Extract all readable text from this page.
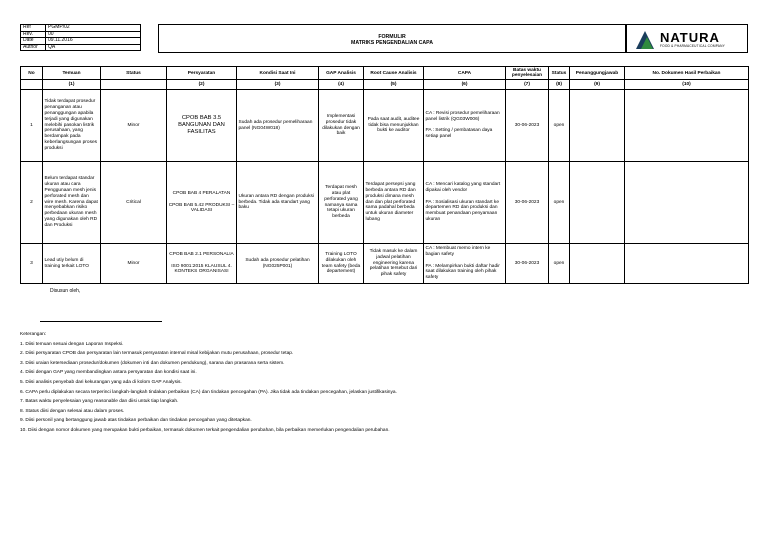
Ref	PGMP/02
Rev.	00
Date	09.11.2016
Author	QA
FORMULIR
MATRIKS PENGENDALIAN CAPA	NATURA
FOOD & PHARMACEUTICAL COMPANY
No	Temuan	Status	Persyaratan	Kondisi Saat Ini	GAP Analisis	Root Cause Analisis	CAPA	Batas waktu penyelesaian	Status	Penanggungjawab	No. Dokumen Hasil Perbaikan
	(1)		(2)	(3)	(4)	(5)	(6)	(7)	(8)	(9)	(10)
1	Tidak terdapat prosedur penanganan atau penanggungan apabila terjadi yang digunakan melebihi pasokan listrik perusahaan, yang berdampak pada keberlangsungan proses produksi	Minor	CPOB BAB 3.5 BANGUNAN DAN FASILITAS	Sudah ada prosedur pemeliharaan panel (NG04W018)	Implementasi prosedur tidak dilakukan dengan baik	Pada saat audit, auditee tidak bisa menunjukkan bukti ke auditor	CA : Revisi prosedur pemeliharaan panel listrik (QG03W006)

PA : Setting / pembatasan daya setiap panel	30-06-2023	open		
2	Belum terdapat standar ukuran atau cara Penggunaan mesh jenis perforated mesh dan wire mesh. Karena dapat menyebabkan risiko perbedaan ukuran mesh yang digunakan oleh RD dan Produksi	Critical	CPOB BAB 4 PERALATAN

CPOB BAB 5.42 PRODUKSI – VALIDASI	Ukuran antara RD dengan produksi berbeda. Tidak ada standart yang baku	Terdapat mesh atau plat perforated yang namanya sama tetapi ukuran berbeda	Terdapat persepsi yang berbeda antara RD dan produksi dimana mesh dan dan plat perforated sama padahal berbeda untuk ukuran diameter lubang	CA : Mencari katalog yang standart dipakai oleh vendor

PA : Sosialisasi ukuran standart ke departemen RD dan produksi dan membuat penandaan penyamaan ukuran	30-06-2023	open		
3	Lead utiy belum di training terkait LOTO	Minor	CPOB BAB 2.1 PERSONALIA

ISO 9001:2015 KLAUSUL 4. KONTEKS ORGANISASI	Sudah ada prosedur pelatihan (NG025P001)	Training LOTO dilakukan oleh team safety (beda departement)	Tidak masuk ke dalam jadwal pelatihan engineering karena pelatihan tersebut dari pihak safety	CA : Membuat memo intern ke bagian safety

PA : Melampirkan bukti daftar hadir saat dilakukan training oleh pihak safety	30-06-2023	open		
Disusun oleh,
Keterangan:
1. Diisi temuan sesuai dengan Laporan Inspeksi.
2. Diisi persyaratan CPOB dan persyaratan lain termasuk persyaratan internal misal kebijakan mutu perusahaan, prosedur tetap.
3. Diisi uraian ketersediaan prosedur/dokumen (dokumen inti dan dokumen pendukung), sarana dan prasarana serta sistem.
4. Diisi dengan GAP yang membandingkan antara persyaratan dan kondisi saat ini.
5. Diisi analisis penyebab dari kekurangan yang ada di kolom GAP Analysis.
6. CAPA perlu diplakukan secara terperinci langkah-langkah tindakan perbaikan (CA) dan tindakan pencegahan (PA). Jika tidak ada tindakan pencegahan, jelaskan justifikasinya.
7. Batas waktu penyelesaian yang reasonable dan diisi untuk tiap langkah.
8. Status diisi dengan selesai atau dalam proses.
9. Diisi personil yang bertanggung jawab atas tindakan perbaikan dan tindakan pencegahan yang ditetapkan.
10. Diisi dengan nomor dokumen yang merupakan bukti perbaikan, termasuk dokumen terkait pengendalian perubahan, bila perbaikan memerlukan pengendalian perubahan.
